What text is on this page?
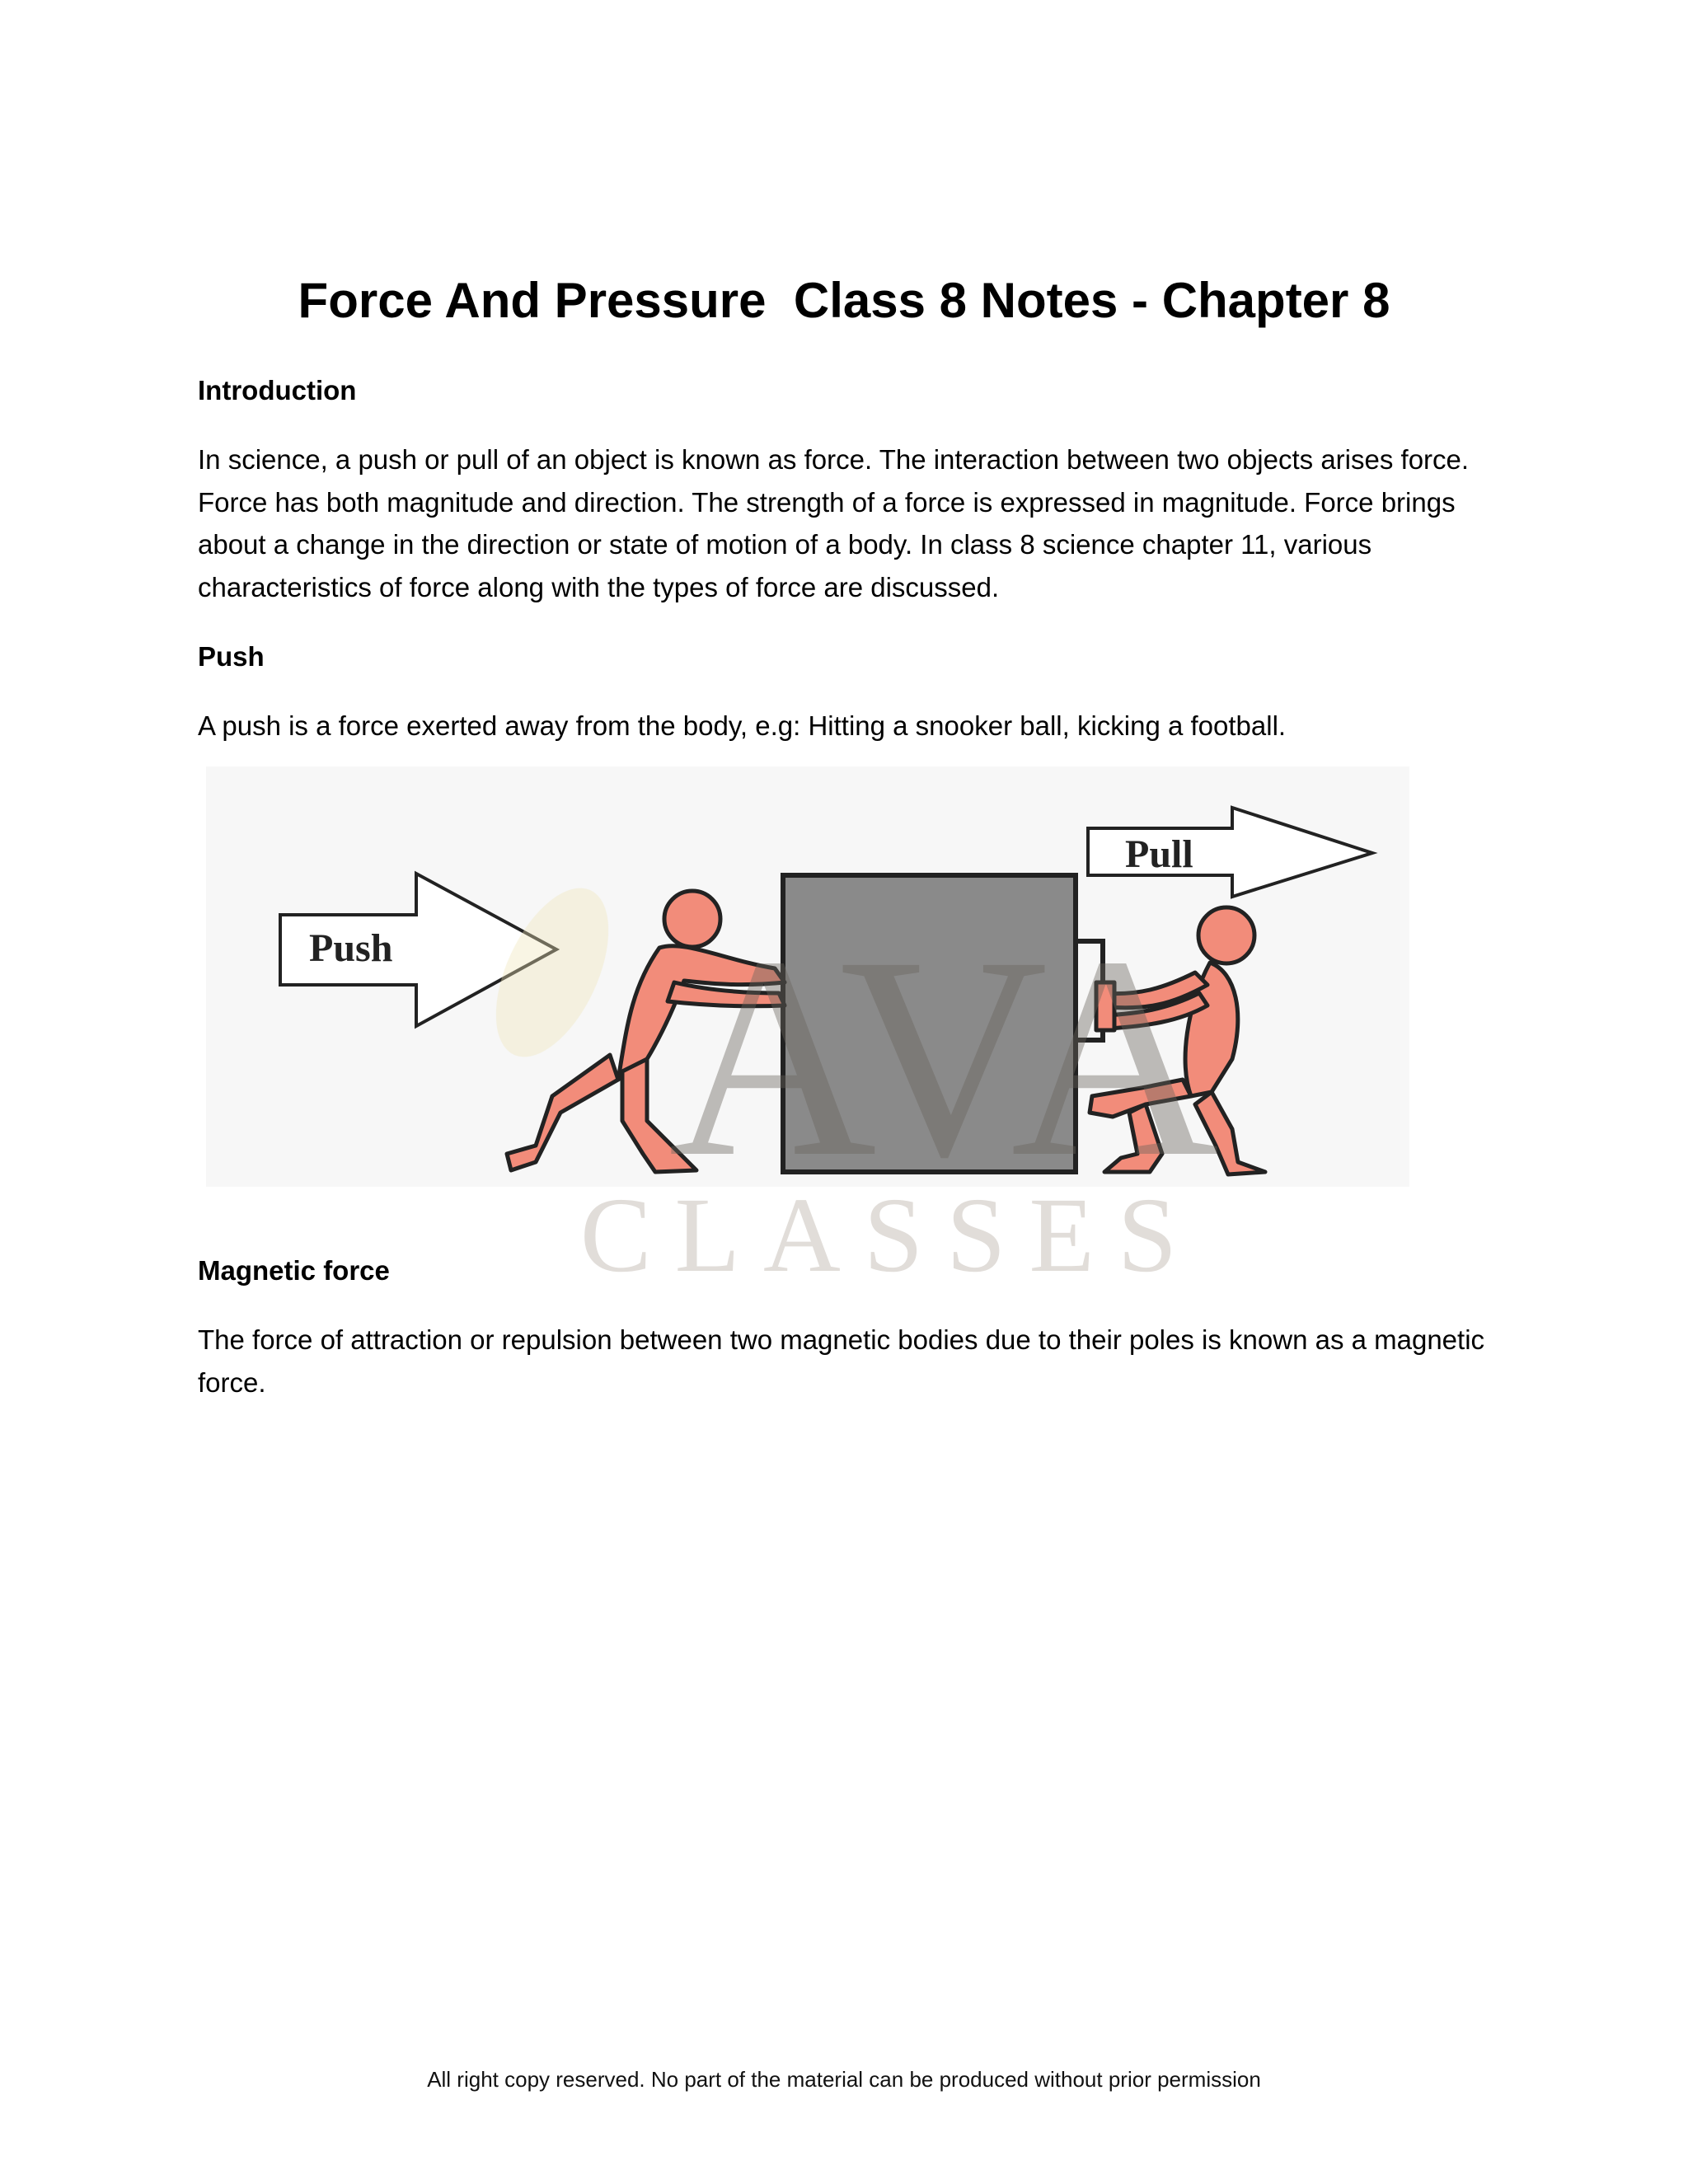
Force And Pressure  Class 8 Notes - Chapter 8
Introduction

In science, a push or pull of an object is known as force. The interaction between two objects arises force. Force has both magnitude and direction. The strength of a force is expressed in magnitude. Force brings about a change in the direction or state of motion of a body. In class 8 science chapter 11, various characteristics of force along with the types of force are discussed.

Push

A push is a force exerted away from the body, e.g: Hitting a snooker ball, kicking a football.

Push
Pull
AVA
CLASSES
Magnetic force

The force of attraction or repulsion between two magnetic bodies due to their poles is known as a magnetic force.

All right copy reserved. No part of the material can be produced without prior permission
